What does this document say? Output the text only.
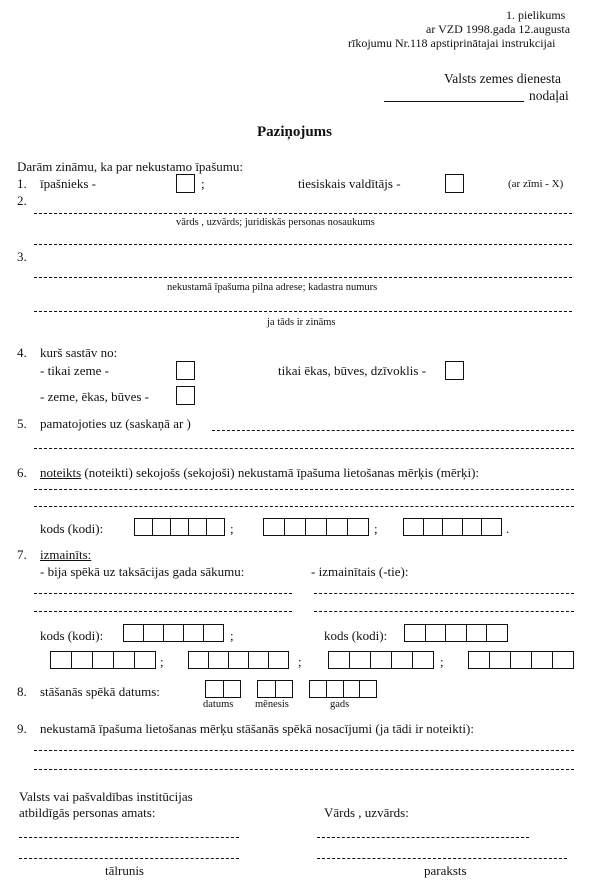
1. pielikums
ar VZD 1998.gada 12.augusta
rīkojumu Nr.118 apstiprinātajai instrukcijai
Valsts zemes dienesta
nodaļai
Paziņojums
Darām zināmu, ka par nekustamo īpašumu:
1. īpašnieks -	;	tiesiskais valdītājs -	(ar zīmi - X)
2.
vārds , uzvārds; juridiskās personas nosaukums
3.
nekustamā īpašuma pilna adrese; kadastra numurs
ja tāds ir zināms
4. kurš sastāv no:
- tikai zeme -	tikai ēkas, būves, dzīvoklis -
- zeme, ēkas, būves -
5. pamatojoties uz (saskaņā ar )
6. noteikts (noteikti) sekojošs (sekojoši) nekustamā īpašuma lietošanas mērķis (mērķi):
kods (kodi):	;	;	.
7. izmainīts:
- bija spēkā uz taksācijas gada sākumu:	- izmainītais (-tie):
kods (kodi):	;	kods (kodi):
;	;	;
8. stāšanās spēkā datums:
datums mēnesis	gads
9. nekustamā īpašuma lietošanas mērķu stāšanās spēkā nosacījumi (ja tādi ir noteikti):
Valsts vai pašvaldības institūcijas
atbildīgās personas amats:	Vārds , uzvārds:
tālrunis	paraksts
